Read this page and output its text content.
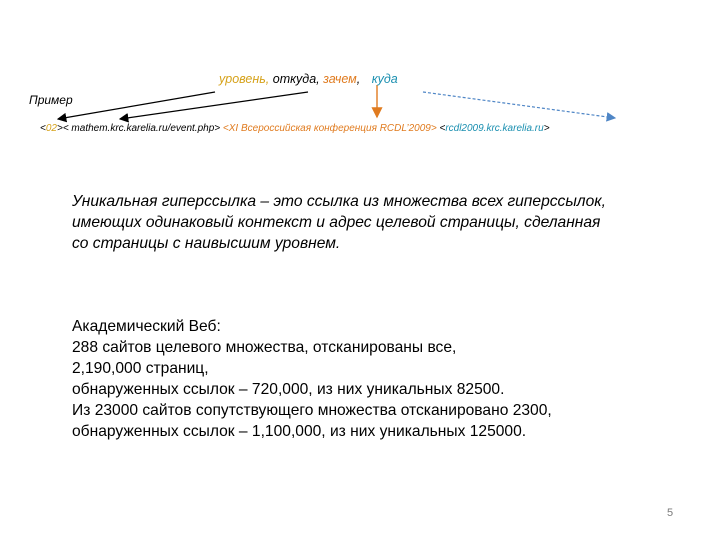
уровень, откуда, зачем, куда
Пример
<02>< mathem.krc.karelia.ru/event.php> <XI Всероссийская конференция RCDL’2009> <rcdl2009.krc.karelia.ru>
Уникальная гиперссылка – это ссылка из множества всех гиперссылок,
имеющих одинаковый контекст и адрес целевой страницы, сделанная
со страницы с наивысшим уровнем.
Академический Веб:
288 сайтов целевого множества, отсканированы все,
2,190,000 страниц,
обнаруженных ссылок – 720,000, из них уникальных 82500.
Из 23000 сайтов сопутствующего множества отсканировано 2300,
обнаруженных ссылок – 1,100,000, из них уникальных 125000.
5
